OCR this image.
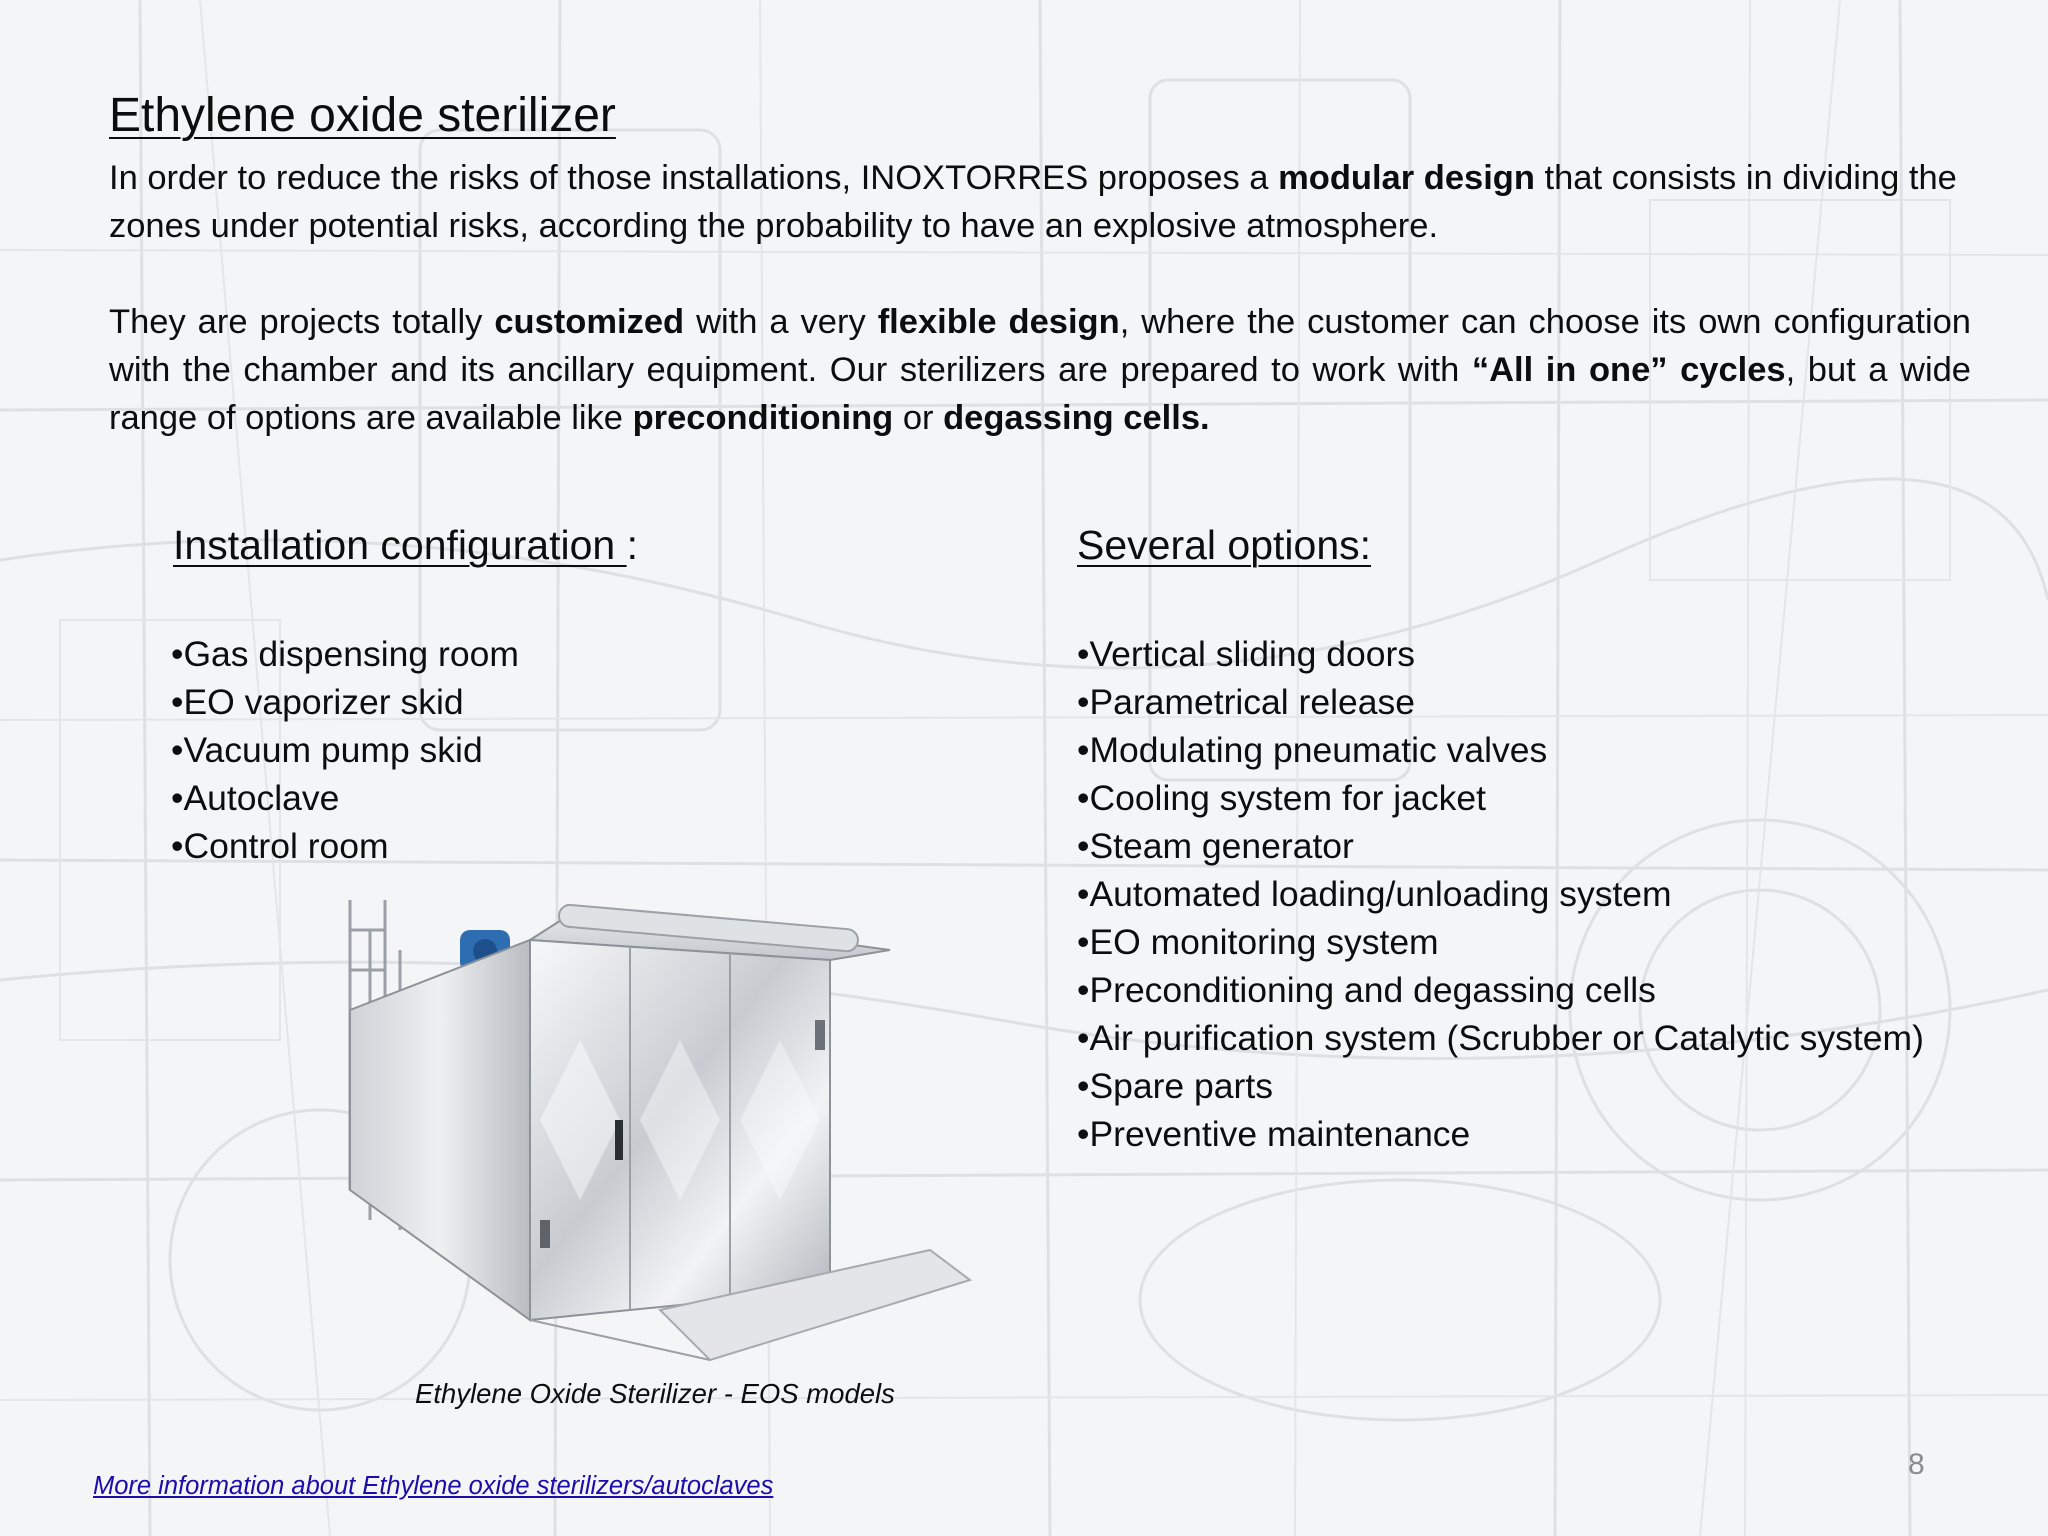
Ethylene oxide sterilizer

In order to reduce the risks of those installations, INOXTORRES proposes a modular design that consists in dividing the zones under potential risks, according the probability to have an explosive atmosphere.

They are projects totally customized with a very flexible design, where the customer can choose its own configuration with the chamber and its ancillary equipment. Our sterilizers are prepared to work with “All in one” cycles, but a wide range of options are available like preconditioning or degassing cells.

Installation configuration :
• Gas dispensing room
• EO vaporizer skid
• Vacuum pump skid
• Autoclave
• Control room
Several options:
• Vertical sliding doors
• Parametrical release
• Modulating pneumatic valves
• Cooling system for jacket
• Steam generator
• Automated loading/unloading system
• EO monitoring system
• Preconditioning and degassing cells
• Air purification system (Scrubber or Catalytic system)
• Spare parts
• Preventive maintenance

Ethylene Oxide Sterilizer - EOS models

8
More information about Ethylene oxide sterilizers/autoclaves
